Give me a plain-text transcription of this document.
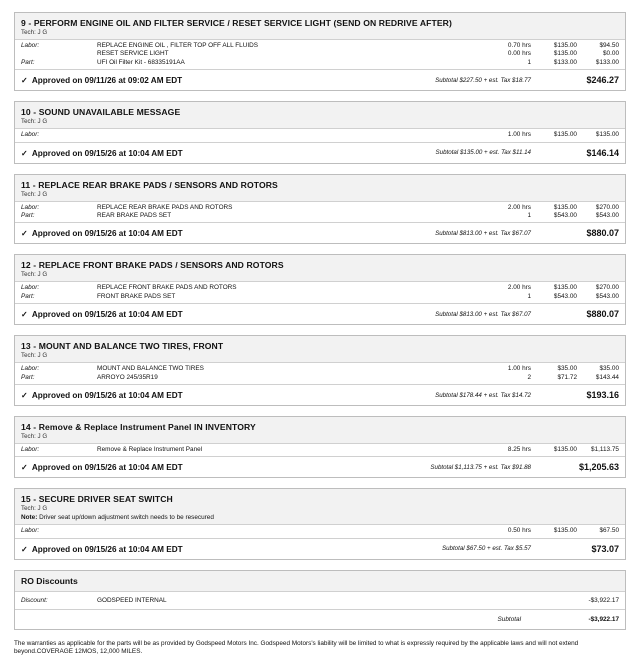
9 - PERFORM ENGINE OIL AND FILTER SERVICE / RESET SERVICE LIGHT (SEND ON REDRIVE AFTER)
Tech: J G
Labor:	REPLACE ENGINE OIL , FILTER TOP OFF ALL FLUIDS	0.70 hrs	$135.00	$94.50
RESET SERVICE LIGHT	0.00 hrs	$135.00	$0.00
Part:	UFI Oil Filter Kit - 68335191AA	1	$133.00	$133.00
✓ Approved on 09/11/26 at 09:02 AM EDT	Subtotal $227.50 + est. Tax $18.77	$246.27
10 - SOUND UNAVAILABLE MESSAGE
Tech: J G
Labor:	1.00 hrs	$135.00	$135.00
✓ Approved on 09/15/26 at 10:04 AM EDT	Subtotal $135.00 + est. Tax $11.14	$146.14
11 - REPLACE REAR BRAKE PADS / SENSORS AND ROTORS
Tech: J G
Labor:	REPLACE REAR BRAKE PADS AND ROTORS	2.00 hrs	$135.00	$270.00
Part:	REAR BRAKE PADS SET	1	$543.00	$543.00
✓ Approved on 09/15/26 at 10:04 AM EDT	Subtotal $813.00 + est. Tax $67.07	$880.07
12 - REPLACE FRONT BRAKE PADS / SENSORS AND ROTORS
Tech: J G
Labor:	REPLACE FRONT BRAKE PADS AND ROTORS	2.00 hrs	$135.00	$270.00
Part:	FRONT BRAKE PADS SET	1	$543.00	$543.00
✓ Approved on 09/15/26 at 10:04 AM EDT	Subtotal $813.00 + est. Tax $67.07	$880.07
13 - MOUNT AND BALANCE TWO TIRES, FRONT
Tech: J G
Labor:	MOUNT AND BALANCE TWO TIRES	1.00 hrs	$35.00	$35.00
Part:	ARROYO 245/35R19	2	$71.72	$143.44
✓ Approved on 09/15/26 at 10:04 AM EDT	Subtotal $178.44 + est. Tax $14.72	$193.16
14 - Remove & Replace Instrument Panel IN INVENTORY
Tech: J G
Labor:	Remove & Replace Instrument Panel	8.25 hrs	$135.00	$1,113.75
✓ Approved on 09/15/26 at 10:04 AM EDT	Subtotal $1,113.75 + est. Tax $91.88	$1,205.63
15 - SECURE DRIVER SEAT SWITCH
Tech: J G
Note: Driver seat up/down adjustment switch needs to be resecured
Labor:	0.50 hrs	$135.00	$67.50
✓ Approved on 09/15/26 at 10:04 AM EDT	Subtotal $67.50 + est. Tax $5.57	$73.07
RO Discounts
Discount:	GODSPEED INTERNAL	-$3,922.17
Subtotal	-$3,922.17
The warranties as applicable for the parts will be as provided by Godspeed Motors Inc. Godspeed Motors's liability will be limited to what is expressly required by the applicable laws and will not extend beyond.COVERAGE 12MOS, 12,000 MILES.
